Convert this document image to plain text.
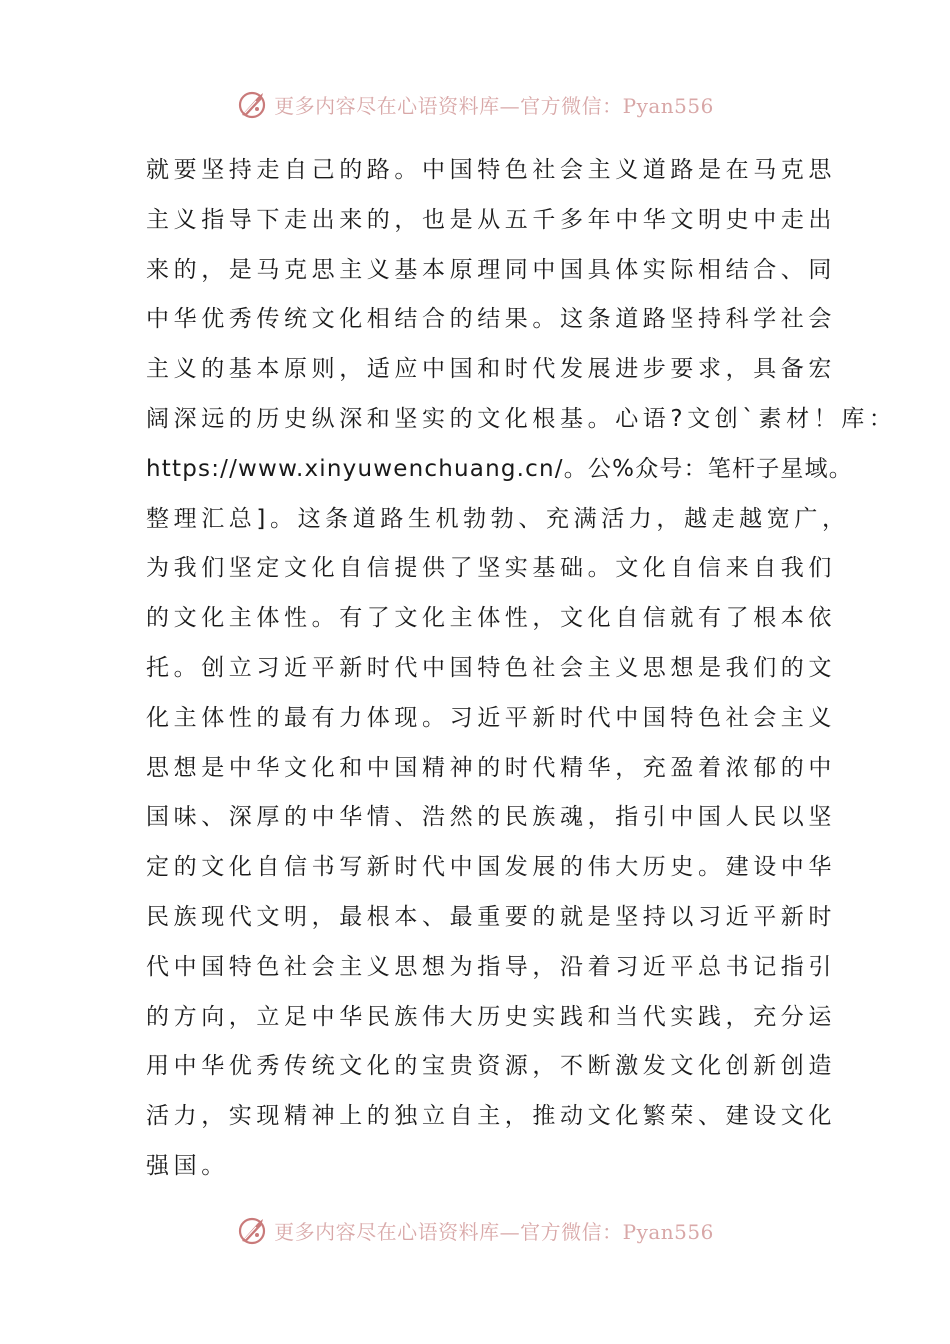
更多内容尽在心语资料库—官方微信：Pyan556
就要坚持走自己的路。中国特色社会主义道路是在马克思
主义指导下走出来的，也是从五千多年中华文明史中走出
来的，是马克思主义基本原理同中国具体实际相结合、同
中华优秀传统文化相结合的结果。这条道路坚持科学社会
主义的基本原则，适应中国和时代发展进步要求，具备宏
阔深远的历史纵深和坚实的文化根基。心语?文创`素材！库：
https://www.xinyuwenchuang.cn/。公%众号：笔杆子星域。
整理汇总]。这条道路生机勃勃、充满活力，越走越宽广，
为我们坚定文化自信提供了坚实基础。文化自信来自我们
的文化主体性。有了文化主体性，文化自信就有了根本依
托。创立习近平新时代中国特色社会主义思想是我们的文
化主体性的最有力体现。习近平新时代中国特色社会主义
思想是中华文化和中国精神的时代精华，充盈着浓郁的中
国味、深厚的中华情、浩然的民族魂，指引中国人民以坚
定的文化自信书写新时代中国发展的伟大历史。建设中华
民族现代文明，最根本、最重要的就是坚持以习近平新时
代中国特色社会主义思想为指导，沿着习近平总书记指引
的方向，立足中华民族伟大历史实践和当代实践，充分运
用中华优秀传统文化的宝贵资源，不断激发文化创新创造
活力，实现精神上的独立自主，推动文化繁荣、建设文化
强国。
更多内容尽在心语资料库—官方微信：Pyan556
